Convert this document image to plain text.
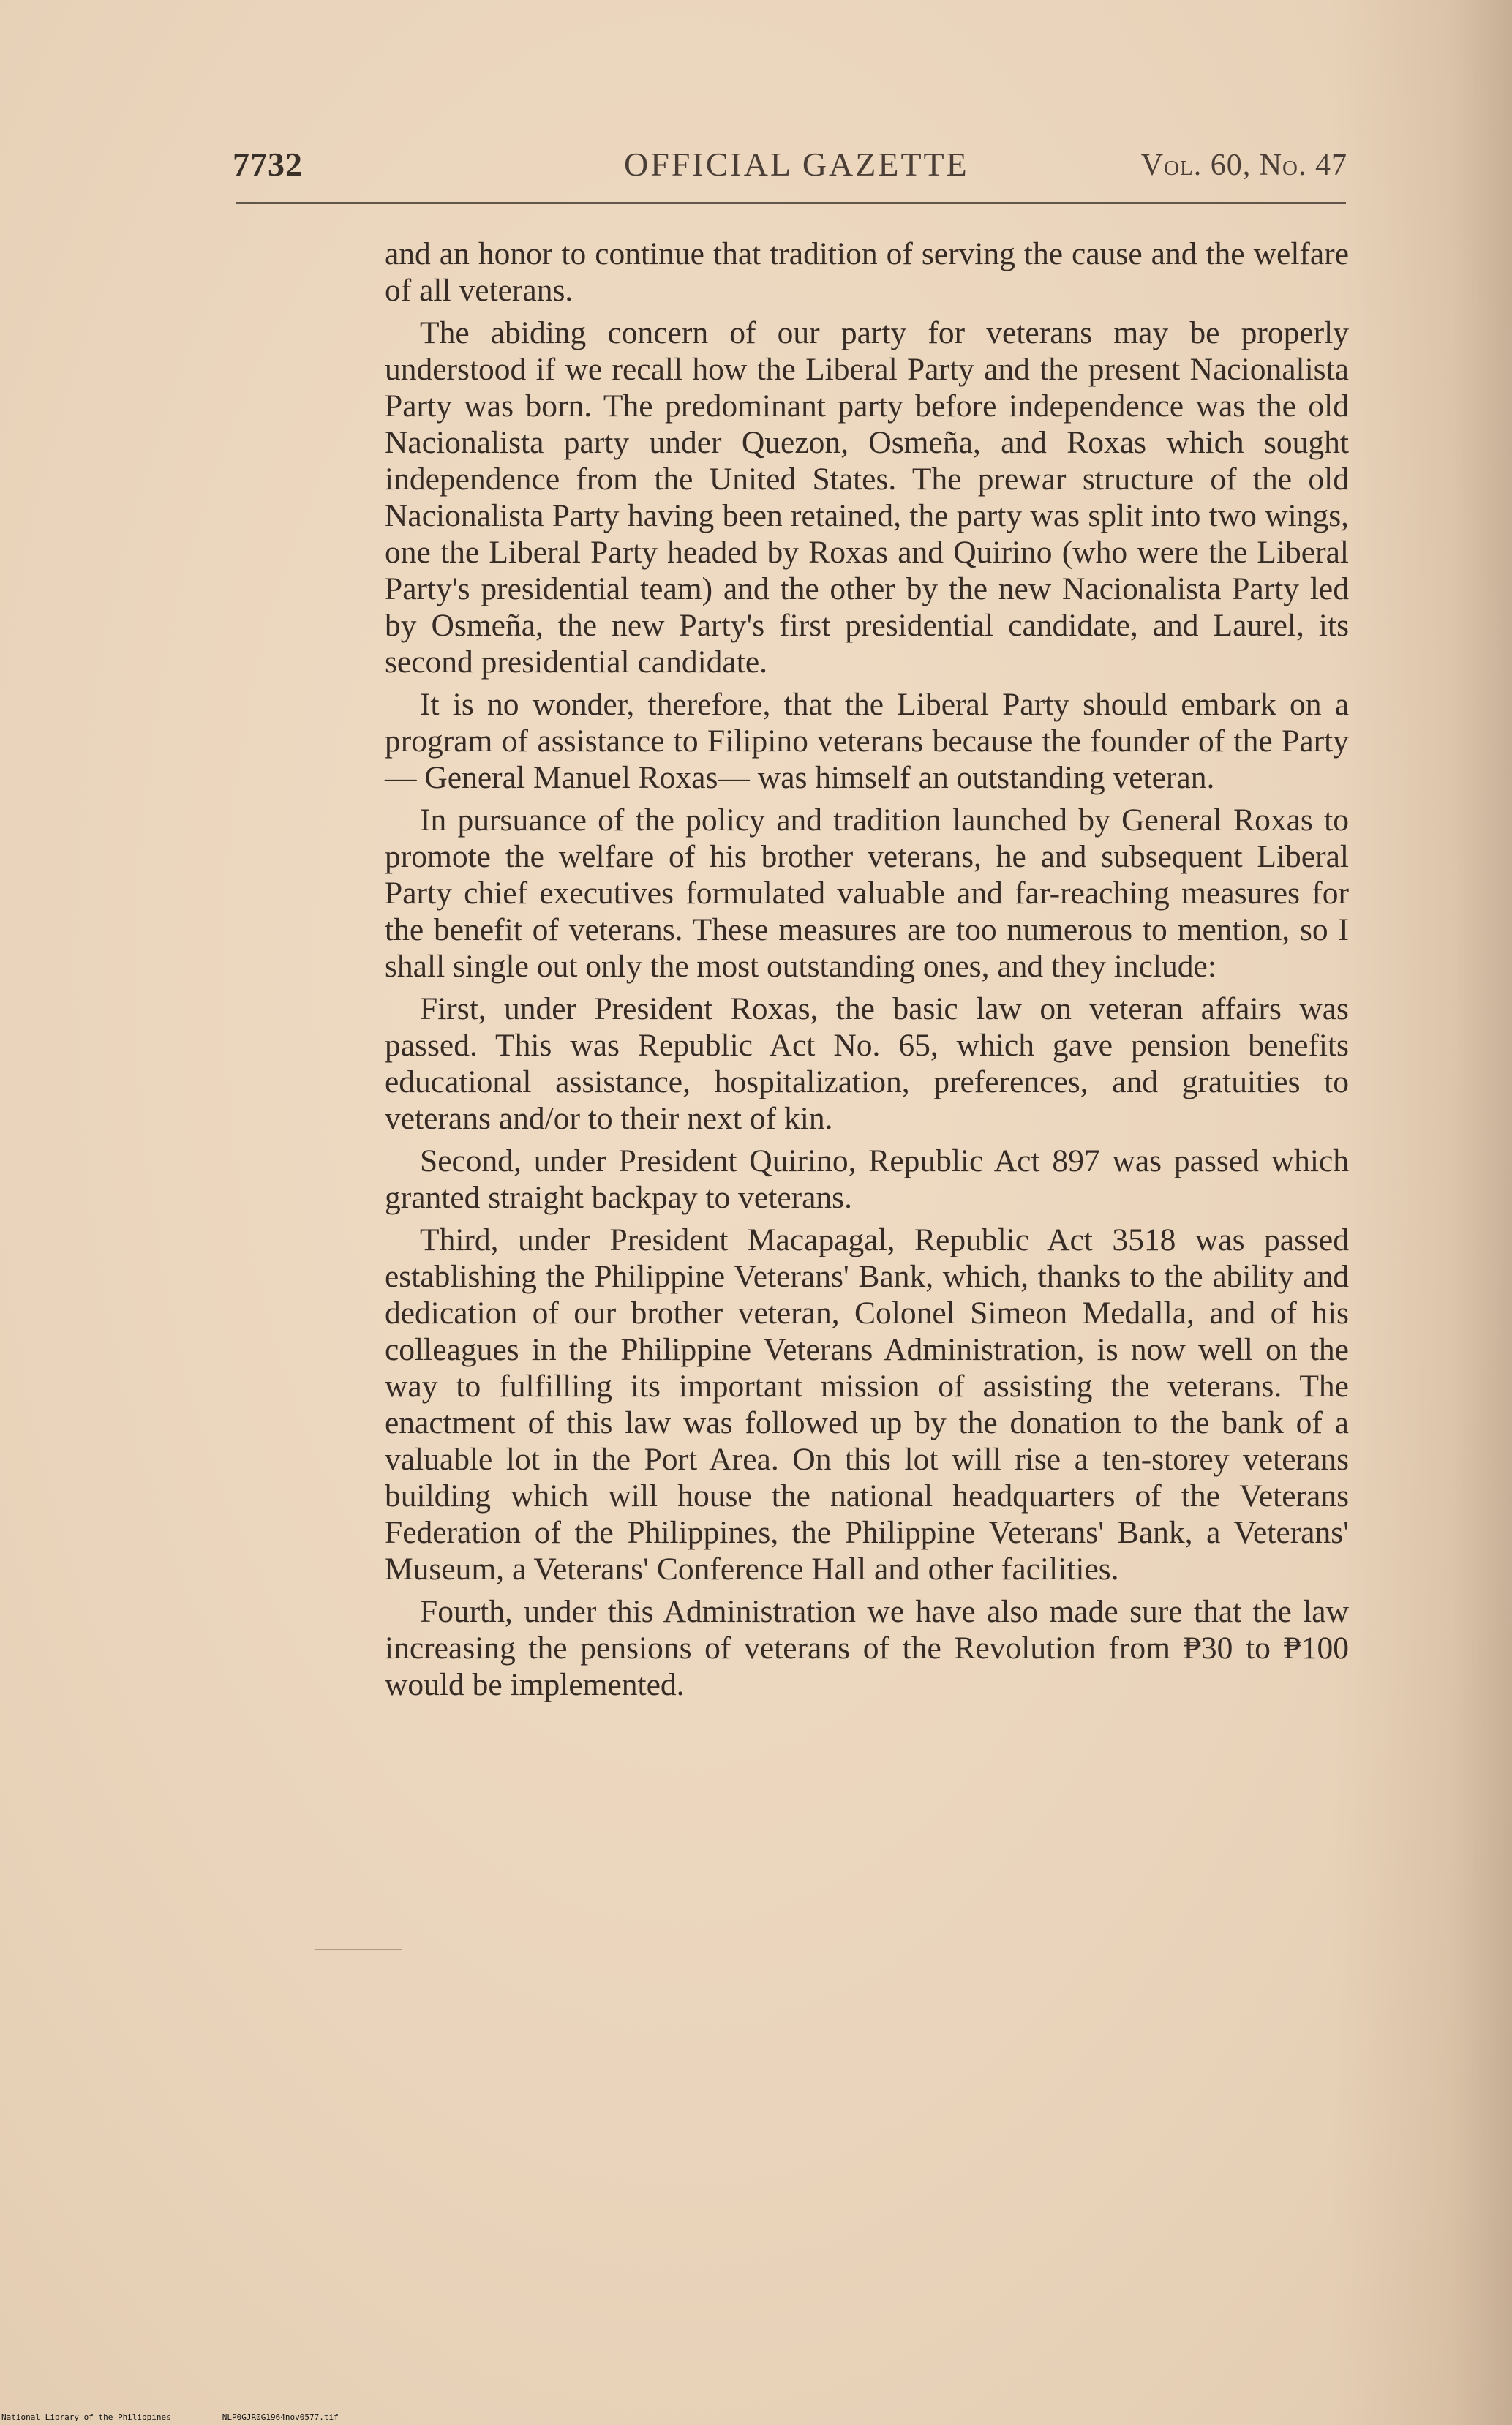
7732	OFFICIAL GAZETTE	Vol. 60, No. 47

and an honor to continue that tradition of serving the cause and the welfare of all veterans.

The abiding concern of our party for veterans may be properly understood if we recall how the Liberal Party and the present Nacionalista Party was born. The predominant party before independence was the old Nacionalista party under Quezon, Osmeña, and Roxas which sought independence from the United States. The prewar structure of the old Nacionalista Party having been retained, the party was split into two wings, one the Liberal Party headed by Roxas and Quirino (who were the Liberal Party's presidential team) and the other by the new Nacionalista Party led by Osmeña, the new Party's first presidential candidate, and Laurel, its second presidential candidate.

It is no wonder, therefore, that the Liberal Party should embark on a program of assistance to Filipino veterans because the founder of the Party— General Manuel Roxas— was himself an outstanding veteran.

In pursuance of the policy and tradition launched by General Roxas to promote the welfare of his brother veterans, he and subsequent Liberal Party chief executives formulated valuable and far-reaching measures for the benefit of veterans. These measures are too numerous to mention, so I shall single out only the most outstanding ones, and they include:

First, under President Roxas, the basic law on veteran affairs was passed. This was Republic Act No. 65, which gave pension benefits educational assistance, hospitalization, preferences, and gratuities to veterans and/or to their next of kin.

Second, under President Quirino, Republic Act 897 was passed which granted straight backpay to veterans.

Third, under President Macapagal, Republic Act 3518 was passed establishing the Philippine Veterans' Bank, which, thanks to the ability and dedication of our brother veteran, Colonel Simeon Medalla, and of his colleagues in the Philippine Veterans Administration, is now well on the way to fulfilling its important mission of assisting the veterans. The enactment of this law was followed up by the donation to the bank of a valuable lot in the Port Area. On this lot will rise a ten-storey veterans building which will house the national headquarters of the Veterans Federation of the Philippines, the Philippine Veterans' Bank, a Veterans' Museum, a Veterans' Conference Hall and other facilities.

Fourth, under this Administration we have also made sure that the law increasing the pensions of veterans of the Revolution from ₱30 to ₱100 would be implemented.

National Library of the Philippines	NLP0GJR0G1964nov0577.tif
